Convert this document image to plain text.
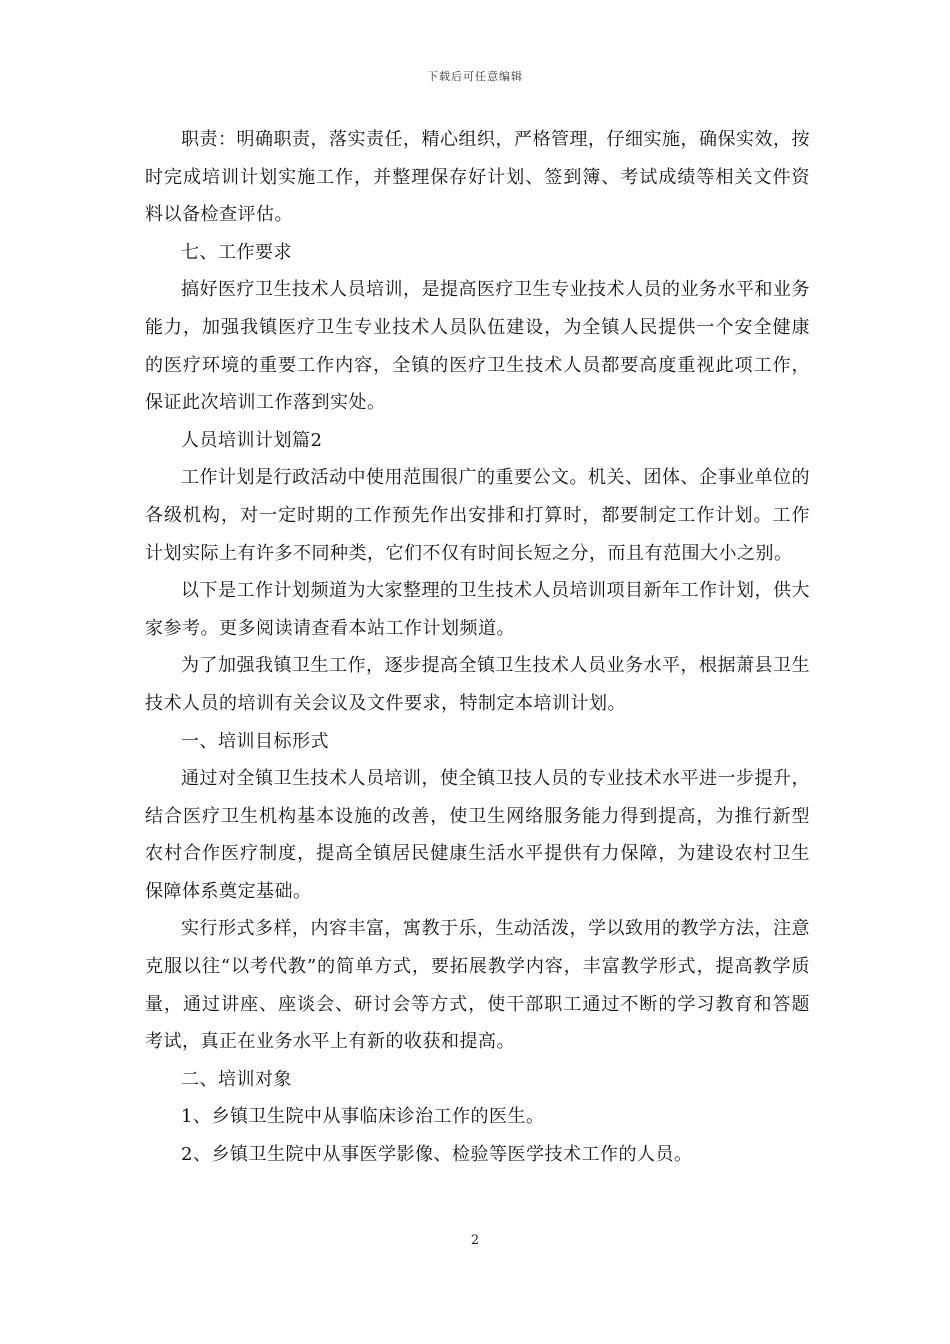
下载后可任意编辑

职责：明确职责，落实责任，精心组织，严格管理，仔细实施，确保实效，按时完成培训计划实施工作，并整理保存好计划、签到簿、考试成绩等相关文件资料以备检查评估。

七、工作要求

搞好医疗卫生技术人员培训，是提高医疗卫生专业技术人员的业务水平和业务能力，加强我镇医疗卫生专业技术人员队伍建设，为全镇人民提供一个安全健康的医疗环境的重要工作内容，全镇的医疗卫生技术人员都要高度重视此项工作，保证此次培训工作落到实处。

人员培训计划篇2

工作计划是行政活动中使用范围很广的重要公文。机关、团体、企事业单位的各级机构，对一定时期的工作预先作出安排和打算时，都要制定工作计划。工作计划实际上有许多不同种类，它们不仅有时间长短之分，而且有范围大小之别。

以下是工作计划频道为大家整理的卫生技术人员培训项目新年工作计划，供大家参考。更多阅读请查看本站工作计划频道。

为了加强我镇卫生工作，逐步提高全镇卫生技术人员业务水平，根据萧县卫生技术人员的培训有关会议及文件要求，特制定本培训计划。

一、培训目标形式

通过对全镇卫生技术人员培训，使全镇卫技人员的专业技术水平进一步提升，结合医疗卫生机构基本设施的改善，使卫生网络服务能力得到提高，为推行新型农村合作医疗制度，提高全镇居民健康生活水平提供有力保障，为建设农村卫生保障体系奠定基础。

实行形式多样，内容丰富，寓教于乐，生动活泼，学以致用的教学方法，注意克服以往“以考代教”的简单方式，要拓展教学内容，丰富教学形式，提高教学质量，通过讲座、座谈会、研讨会等方式，使干部职工通过不断的学习教育和答题考试，真正在业务水平上有新的收获和提高。

二、培训对象

1、乡镇卫生院中从事临床诊治工作的医生。

2、乡镇卫生院中从事医学影像、检验等医学技术工作的人员。

2
